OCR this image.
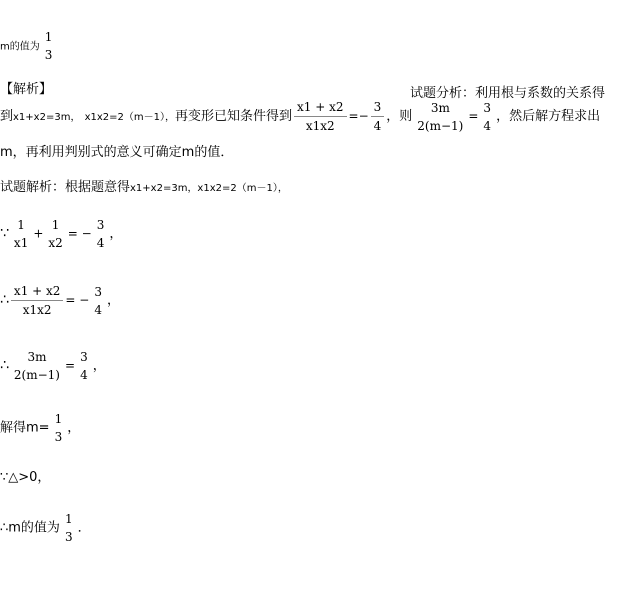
m的值为
1
3
【解析】	试题分析：利用根与系数的关系得
到x1+x2=3m， x1x2=2（m－1），再变形已知条件得到 $\frac{x1 + x2}{x1x2} =- \frac{3}{4}$ ，则
3m
2(m−1)
=
3
4
，然后解方程求出
m，再利用判别式的意义可确定m的值．
试题解析：根据题意得x1+x2=3m，x1x2=2（m－1），
∵
1
x1
+
1
x2
= −
3
4
，
∴ $\frac{x1 + x2}{x1x2}$ = −
3
4
，
∴
3m
2(m−1)
=
3
4
，
解得m=
1
3
，
∵△>0，
∴m的值为
1
3
．
